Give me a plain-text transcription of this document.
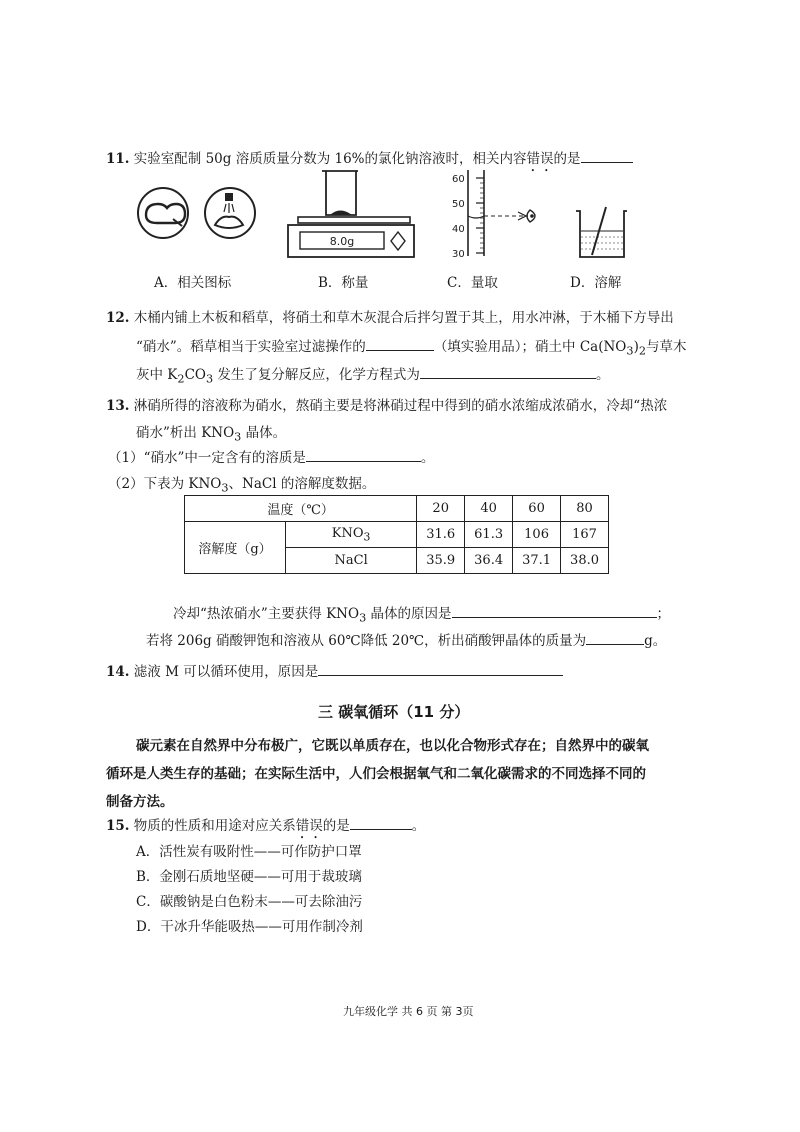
11. 实验室配制 50g 溶质质量分数为 16%的氯化钠溶液时，相关内容错误的是
8.0g
60
50
40
30
A．相关图标	B．称量	C．量取	D．溶解
12. 木桶内铺上木板和稻草，将硝土和草木灰混合后拌匀置于其上，用水冲淋，于木桶下方导出
“硝水”。稻草相当于实验室过滤操作的	（填实验用品）；硝土中 $Ca(NO_3)_2$与草木
灰中 $K_2CO_3$ 发生了复分解反应，化学方程式为	。
13. 淋硝所得的溶液称为硝水，熬硝主要是将淋硝过程中得到的硝水浓缩成浓硝水，冷却“热浓
硝水”析出 $KNO_3$ 晶体。
（1）“硝水”中一定含有的溶质是	。
（2）下表为 $KNO_3$、NaCl 的溶解度数据。
温度（℃）		20	40	60	80
溶解度（g）	$KNO_3$	31.6	61.3	106	167
	NaCl	35.9	36.4	37.1	38.0
冷却“热浓硝水”主要获得 $KNO_3$ 晶体的原因是	；
若将 206g 硝酸钾饱和溶液从 60℃降低 20℃，析出硝酸钾晶体的质量为	g。
14. 滤液 M 可以循环使用，原因是
三 碳氧循环（11 分）
碳元素在自然界中分布极广，它既以单质存在，也以化合物形式存在；自然界中的碳氧
循环是人类生存的基础；在实际生活中，人们会根据氧气和二氧化碳需求的不同选择不同的
制备方法。
15. 物质的性质和用途对应关系错误的是	。
A．活性炭有吸附性——可作防护口罩
B．金刚石质地坚硬——可用于裁玻璃
C．碳酸钠是白色粉末——可去除油污
D．干冰升华能吸热——可用作制冷剂
九年级化学 共 6 页 第 3页
